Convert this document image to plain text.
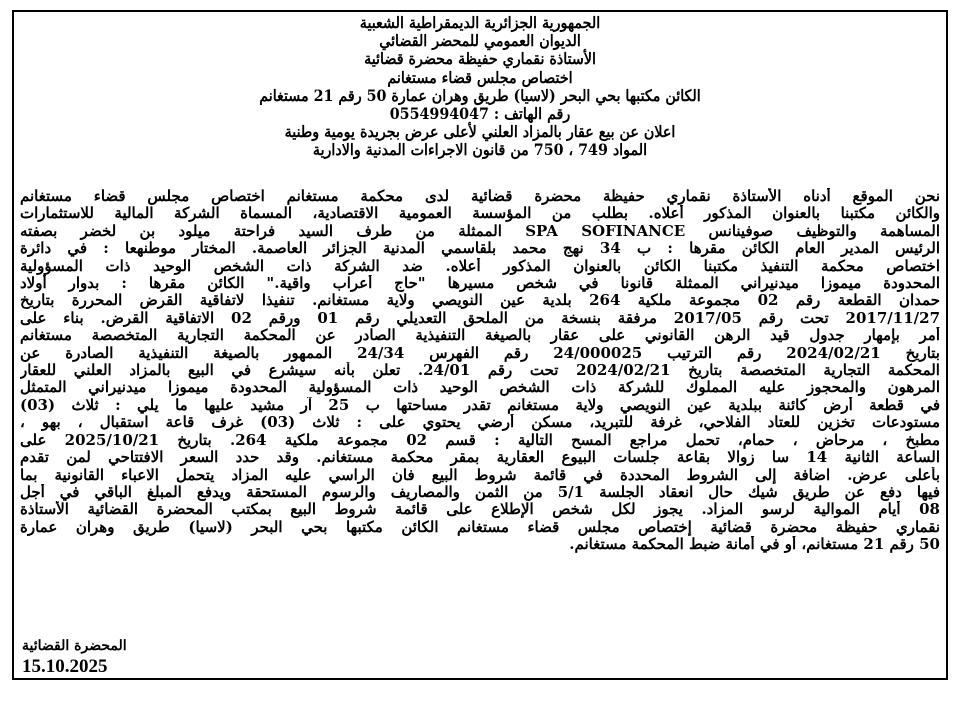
الجمهورية الجزائرية الديمقراطية الشعبية
الديوان العمومي للمحضر القضائي
الأستاذة نقماري حفيظة محضرة قضائية
اختصاص مجلس قضاء مستغانم
الكائن مكتبها بحي البحر (لاسيا) طريق وهران عمارة 50 رقم 21 مستغانم
رقم الهاتف : 0554994047
اعلان عن بيع عقار بالمزاد العلني لأعلى عرض بجريدة يومية وطنية
المواد 749 ، 750 من قانون الاجراءات المدنية والادارية
نحن الموقع أدناه الأستاذة نقماري حفيظة محضرة قضائية لدى محكمة مستغانم اختصاص مجلس قضاء مستغانم
والكائن مكتبنا بالعنوان المذكور أعلاه. بطلب من المؤسسة العمومية الاقتصادية، المسماة الشركة المالية للاستثمارات
المساهمة والتوظيف صوفينانس SPA SOFINANCE الممثلة من طرف السيد فراحتة ميلود بن لخضر بصفته
الرئيس المدير العام الكائن مقرها : ب 34 نهج محمد بلقاسمي المدنية الجزائر العاصمة. المختار موطنهعا : في دائرة
اختصاص محكمة التنفيذ مكتبنا الكائن بالعنوان المذكور أعلاه. ضد الشركة ذات الشخص الوحيد ذات المسؤولية
المحدودة ميموزا ميدنيراني الممثلة قانونا في شخص مسيرها "حاج أعراب واقية." الكائن مقرها : بدوار أولاد
حمدان القطعة رقم 02 مجموعة ملكية 264 بلدية عين النويصي ولاية مستغانم. تنفيذا لاتفاقية القرض المحررة بتاريخ
2017/11/27 تحت رقم 2017/05 مرفقة بنسخة من الملحق التعديلي رقم 01 ورقم 02 الاتفاقية القرض. بناء على
أمر بإمهار جدول قيد الرهن القانوني على عقار بالصيغة التنفيذية الصادر عن المحكمة التجارية المتخصصة مستغانم
بتاريخ 2024/02/21 رقم الترتيب 24/000025 رقم الفهرس 24/34 الممهور بالصيغة التنفيذية الصادرة عن
المحكمة التجارية المتخصصة بتاريخ 2024/02/21 تحت رقم 24/01. تعلن بأنه سيشرع في البيع بالمزاد العلني للعقار
المرهون والمحجوز عليه المملوك للشركة ذات الشخص الوحيد ذات المسؤولية المحدودة ميموزا ميدنيراني المتمثل
في قطعة أرض كائنة ببلدية عين النويصي ولاية مستغانم تقدر مساحتها ب 25 آر مشيد عليها ما يلي : ثلاث (03)
مستودعات تخزين للعتاد الفلاحي، غرفة للتبريد، مسكن أرضي يحتوي على : ثلاث (03) غرف قاعة استقبال ، بهو ،
مطبخ ، مرحاض ، حمام، تحمل مراجع المسح التالية : قسم 02 مجموعة ملكية 264. بتاريخ 2025/10/21 على
الساعة الثانية 14 سا زوالا بقاعة جلسات البيوع العقارية بمقر محكمة مستغانم. وقد حدد السعر الافتتاحي لمن تقدم
بأعلى عرض. اضافة إلى الشروط المحددة في قائمة شروط البيع فان الراسي عليه المزاد يتحمل الاعباء القانونية بما
فيها دفع عن طريق شيك حال انعقاد الجلسة 5/1 من الثمن والمصاريف والرسوم المستحقة ويدفع المبلغ الباقي في أجل
08 أيام الموالية لرسو المزاد. يجوز لكل شخص الإطلاع على قائمة شروط البيع بمكتب المحضرة القضائية الأستاذة
نقماري حفيظة محضرة قضائية إختصاص مجلس قضاء مستغانم الكائن مكتبها بحي البحر (لاسيا) طريق وهران عمارة
50 رقم 21 مستغانم، أو في أمانة ضبط المحكمة مستغانم.
المحضرة القضائية
15.10.2025
